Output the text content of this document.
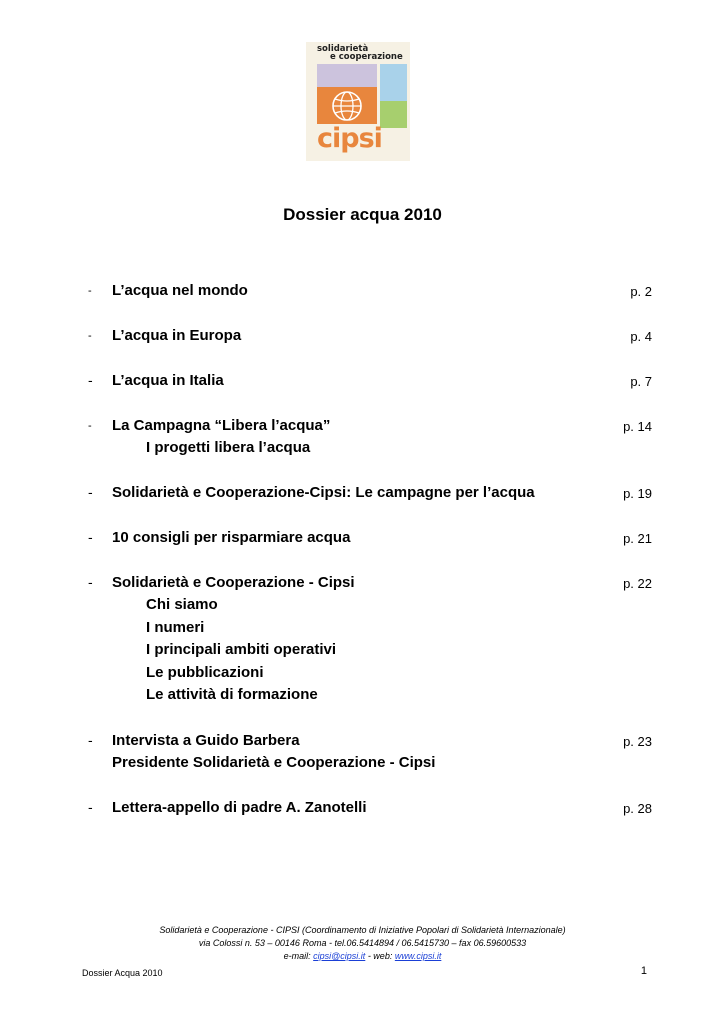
solidarietà
e cooperazione
cipsi
Dossier acqua 2010
- L’acqua nel mondo	p. 2
- L’acqua in Europa	p. 4
- L’acqua in Italia	p. 7
- La Campagna “Libera l’acqua”	p. 14
I progetti libera l’acqua
- Solidarietà e Cooperazione-Cipsi: Le campagne per l’acqua	p. 19
- 10 consigli per risparmiare acqua	p. 21
- Solidarietà e Cooperazione - Cipsi	p. 22
Chi siamo
I numeri
I principali ambiti operativi
Le pubblicazioni
Le attività di formazione
- Intervista a Guido Barbera	p. 23
Presidente Solidarietà e Cooperazione - Cipsi
- Lettera-appello di padre A. Zanotelli	p. 28
Solidarietà e Cooperazione - CIPSI (Coordinamento di Iniziative Popolari di Solidarietà Internazionale)
via Colossi n. 53 – 00146 Roma - tel.06.5414894 / 06.5415730 – fax 06.59600533
e-mail: cipsi@cipsi.it - web: www.cipsi.it
Dossier Acqua 2010	1
